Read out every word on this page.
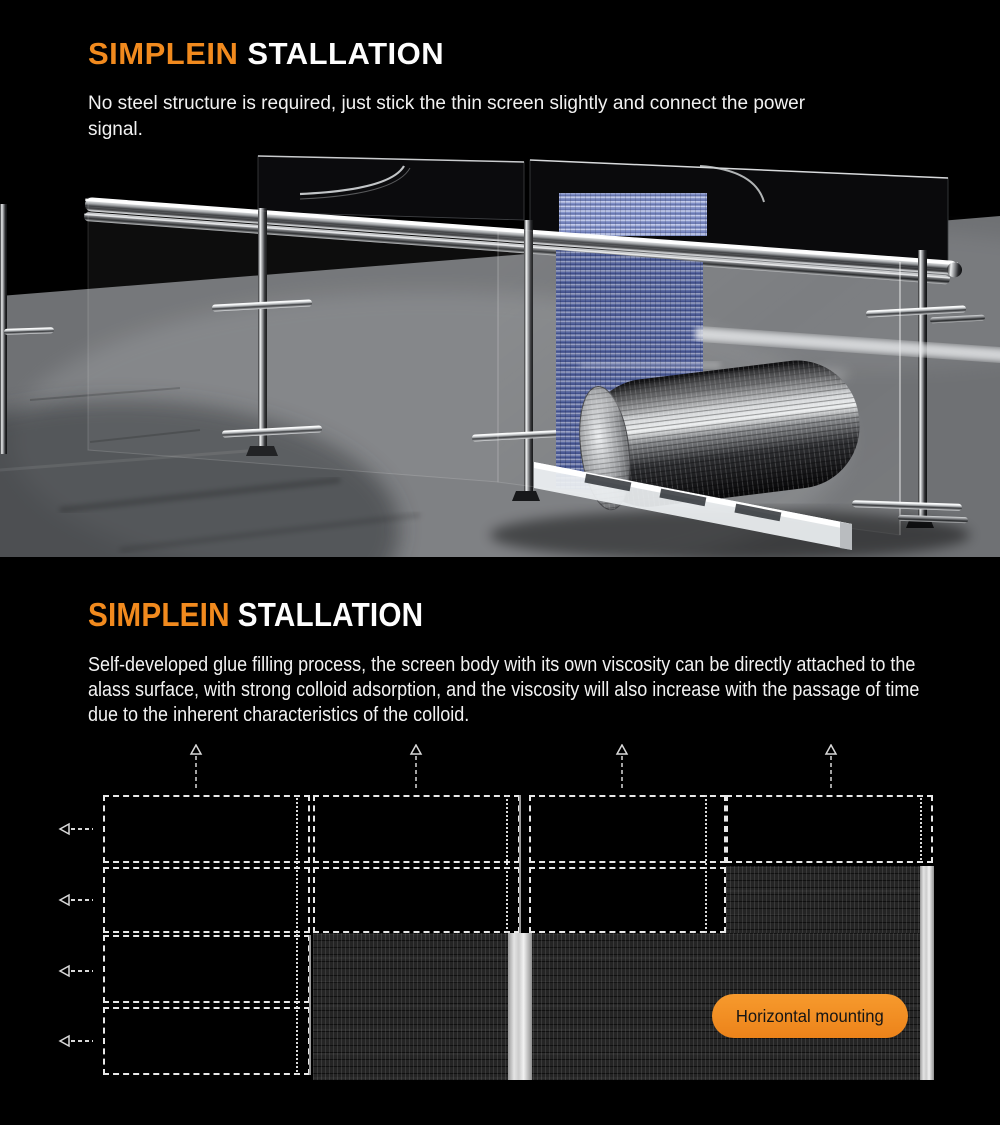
SIMPLEIN STALLATION
No steel structure is required, just stick the thin screen slightly and connect the power signal.
SIMPLEIN STALLATION
Self-developed glue filling process, the screen body with its own viscosity can be directly attached to the alass surface, with strong colloid adsorption, and the viscosity will also increase with the passage of time due to the inherent characteristics of the colloid.
Horizontal mounting
